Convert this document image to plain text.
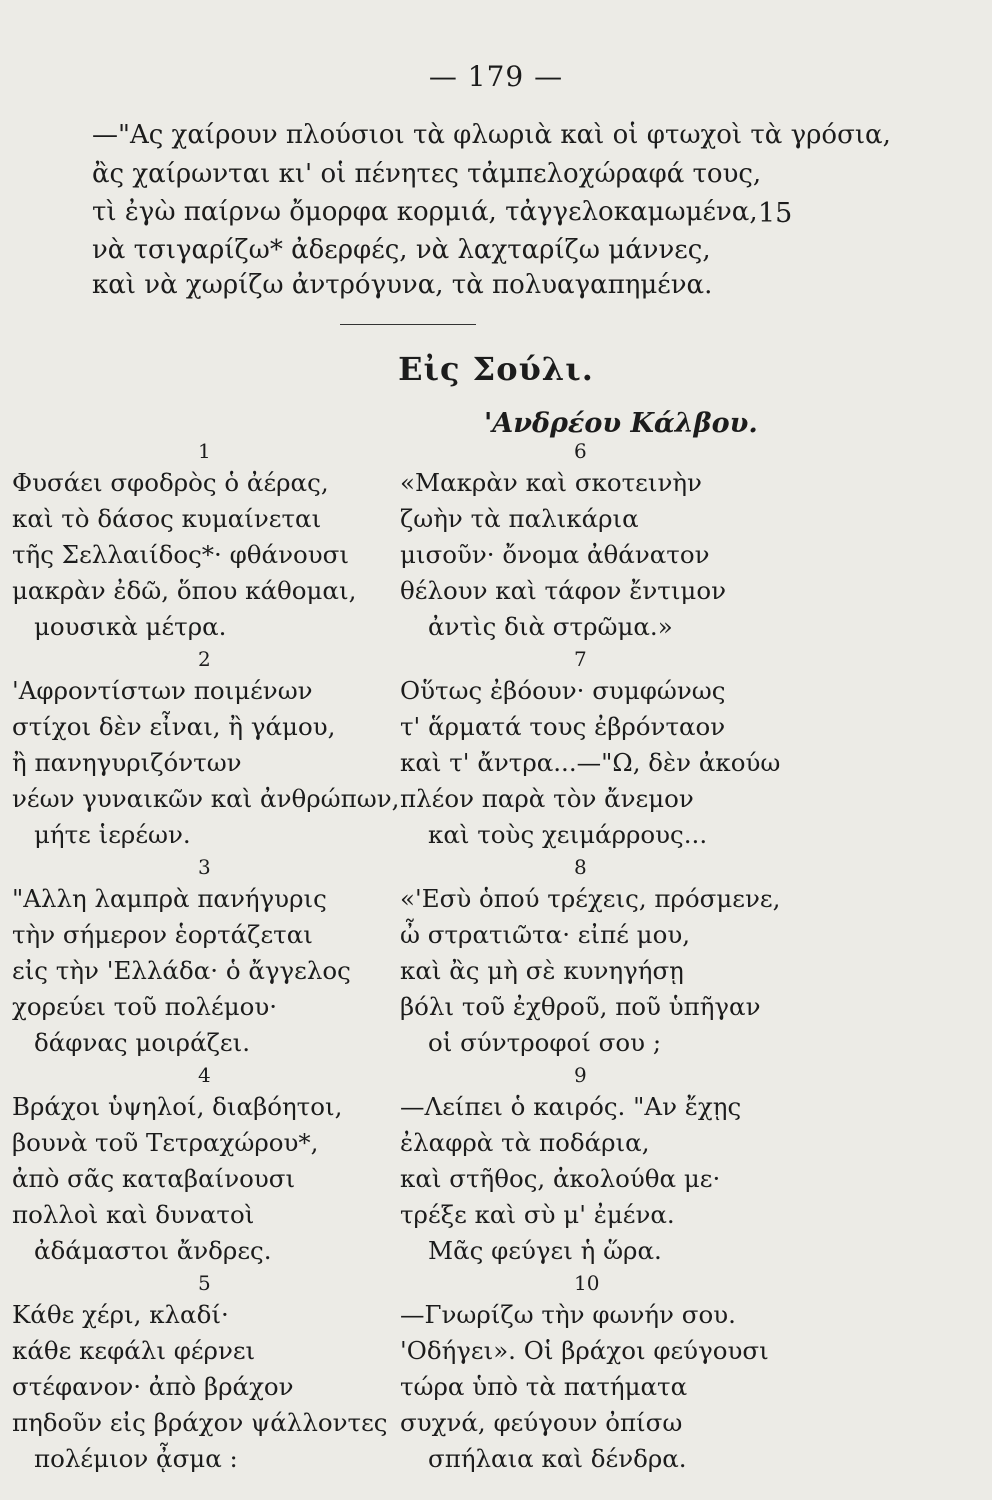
— 179 —
—"Ας χαίρουν πλούσιοι τὰ φλωριὰ καὶ οἱ φτωχοὶ τὰ γρόσια,
ἂς χαίρωνται κι' οἱ πένητες τἀμπελοχώραφά τους,
τὶ ἐγὼ παίρνω ὄμορφα κορμιά, τἀγγελοκαμωμένα,
νὰ τσιγαρίζω* ἀδερφές, νὰ λαχταρίζω μάννες,
καὶ νὰ χωρίζω ἀντρόγυνα, τὰ πολυαγαπημένα.
15
Εἰς Σούλι.
'Ανδρέου Κάλβου.
1
Φυσάει σφοδρὸς ὁ ἀέρας,
καὶ τὸ δάσος κυμαίνεται
τῆς Σελλαιίδος*· φθάνουσι
μακρὰν ἐδῶ, ὅπου κάθομαι,
μουσικὰ μέτρα.
2
'Αφροντίστων ποιμένων
στίχοι δὲν εἶναι, ἢ γάμου,
ἢ πανηγυριζόντων
νέων γυναικῶν καὶ ἀνθρώπων,
μήτε ἱερέων.
3
"Αλλη λαμπρὰ πανήγυρις
τὴν σήμερον ἑορτάζεται
εἰς τὴν 'Ελλάδα· ὁ ἄγγελος
χορεύει τοῦ πολέμου·
δάφνας μοιράζει.
4
Βράχοι ὑψηλοί, διαβόητοι,
βουνὰ τοῦ Τετραχώρου*,
ἀπὸ σᾶς καταβαίνουσι
πολλοὶ καὶ δυνατοὶ
ἀδάμαστοι ἄνδρες.
5
Κάθε χέρι, κλαδί·
κάθε κεφάλι φέρνει
στέφανον· ἀπὸ βράχον
πηδοῦν εἰς βράχον ψάλλοντες
πολέμιον ᾆσμα :
6
«Μακρὰν καὶ σκοτεινὴν
ζωὴν τὰ παλικάρια
μισοῦν· ὄνομα ἀθάνατον
θέλουν καὶ τάφον ἔντιμον
ἀντὶς διὰ στρῶμα.»
7
Οὕτως ἐβόουν· συμφώνως
τ' ἅρματά τους ἐβρόνταον
καὶ τ' ἄντρα...—"Ω, δὲν ἀκούω
πλέον παρὰ τὸν ἄνεμον
καὶ τοὺς χειμάρρους...
8
«'Εσὺ ὁπού τρέχεις, πρόσμενε,
ὦ στρατιῶτα· εἰπέ μου,
καὶ ἂς μὴ σὲ κυνηγήσῃ
βόλι τοῦ ἐχθροῦ, ποῦ ὑπῆγαν
οἱ σύντροφοί σου ;
9
—Λείπει ὁ καιρός. "Αν ἔχῃς
ἐλαφρὰ τὰ ποδάρια,
καὶ στῆθος, ἀκολούθα με·
τρέξε καὶ σὺ μ' ἐμένα.
Μᾶς φεύγει ἡ ὥρα.
10
—Γνωρίζω τὴν φωνήν σου.
'Οδήγει». Οἱ βράχοι φεύγουσι
τώρα ὑπὸ τὰ πατήματα
συχνά, φεύγουν ὀπίσω
σπήλαια καὶ δένδρα.
